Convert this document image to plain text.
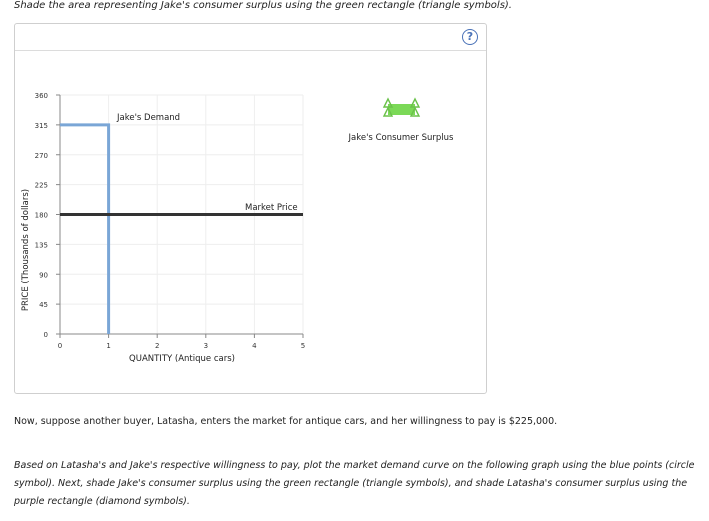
Shade the area representing Jake's consumer surplus using the green rectangle (triangle symbols).
?
0
45
90
135
180
225
270
315
360
0	1	2	3	4	5
PRICE (Thousands of dollars)
QUANTITY (Antique cars)
Jake's Demand
Market Price
Jake's Consumer Surplus
Now, suppose another buyer, Latasha, enters the market for antique cars, and her willingness to pay is $225,000.
Based on Latasha's and Jake's respective willingness to pay, plot the market demand curve on the following graph using the blue points (circle symbol). Next, shade Jake's consumer surplus using the green rectangle (triangle symbols), and shade Latasha's consumer surplus using the purple rectangle (diamond symbols).
